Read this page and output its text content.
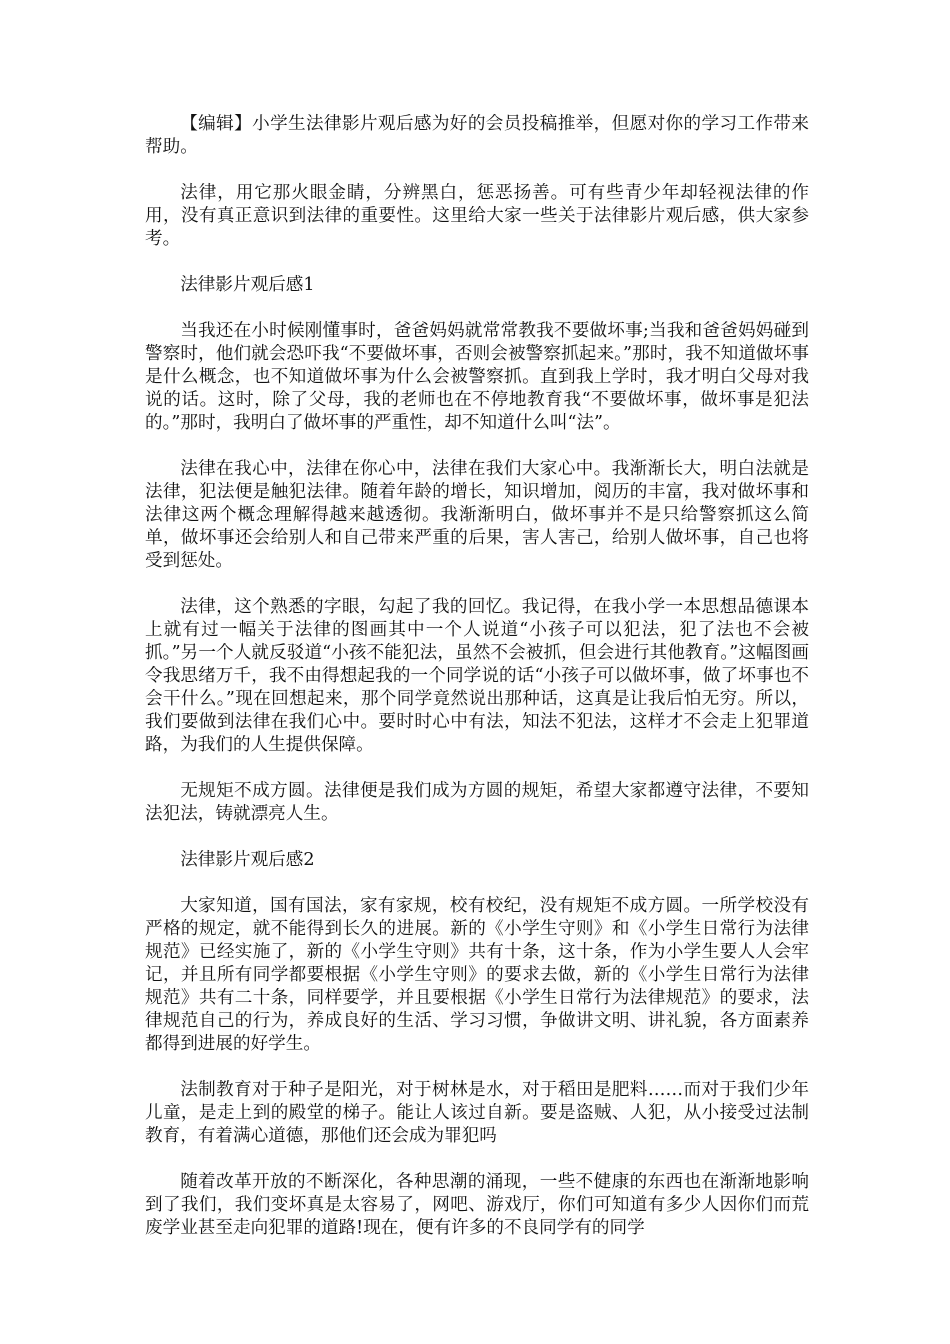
【编辑】小学生法律影片观后感为好的会员投稿推举，但愿对你的学习工作带来帮助。

法律，用它那火眼金睛，分辨黑白，惩恶扬善。可有些青少年却轻视法律的作用，没有真正意识到法律的重要性。这里给大家一些关于法律影片观后感，供大家参考。

法律影片观后感1

当我还在小时候刚懂事时，爸爸妈妈就常常教我不要做坏事;当我和爸爸妈妈碰到警察时，他们就会恐吓我“不要做坏事，否则会被警察抓起来。”那时，我不知道做坏事是什么概念，也不知道做坏事为什么会被警察抓。直到我上学时，我才明白父母对我说的话。这时，除了父母，我的老师也在不停地教育我“不要做坏事，做坏事是犯法的。”那时，我明白了做坏事的严重性，却不知道什么叫“法”。

法律在我心中，法律在你心中，法律在我们大家心中。我渐渐长大，明白法就是法律，犯法便是触犯法律。随着年龄的增长，知识增加，阅历的丰富，我对做坏事和法律这两个概念理解得越来越透彻。我渐渐明白，做坏事并不是只给警察抓这么简单，做坏事还会给别人和自己带来严重的后果，害人害己，给别人做坏事，自己也将受到惩处。

法律，这个熟悉的字眼，勾起了我的回忆。我记得，在我小学一本思想品德课本上就有过一幅关于法律的图画其中一个人说道“小孩子可以犯法，犯了法也不会被抓。”另一个人就反驳道“小孩不能犯法，虽然不会被抓，但会进行其他教育。”这幅图画令我思绪万千，我不由得想起我的一个同学说的话“小孩子可以做坏事，做了坏事也不会干什么。”现在回想起来，那个同学竟然说出那种话，这真是让我后怕无穷。所以，我们要做到法律在我们心中。要时时心中有法，知法不犯法，这样才不会走上犯罪道路，为我们的人生提供保障。

无规矩不成方圆。法律便是我们成为方圆的规矩，希望大家都遵守法律，不要知法犯法，铸就漂亮人生。

法律影片观后感2

大家知道，国有国法，家有家规，校有校纪，没有规矩不成方圆。一所学校没有严格的规定，就不能得到长久的进展。新的《小学生守则》和《小学生日常行为法律规范》已经实施了，新的《小学生守则》共有十条，这十条，作为小学生要人人会牢记，并且所有同学都要根据《小学生守则》的要求去做，新的《小学生日常行为法律规范》共有二十条，同样要学，并且要根据《小学生日常行为法律规范》的要求，法律规范自己的行为，养成良好的生活、学习习惯，争做讲文明、讲礼貌，各方面素养都得到进展的好学生。

法制教育对于种子是阳光，对于树林是水，对于稻田是肥料……而对于我们少年儿童，是走上到的殿堂的梯子。能让人该过自新。要是盗贼、人犯，从小接受过法制教育，有着满心道德，那他们还会成为罪犯吗

随着改革开放的不断深化，各种思潮的涌现，一些不健康的东西也在渐渐地影响到了我们，我们变坏真是太容易了，网吧、游戏厅，你们可知道有多少人因你们而荒废学业甚至走向犯罪的道路!现在，便有许多的不良同学有的同学
